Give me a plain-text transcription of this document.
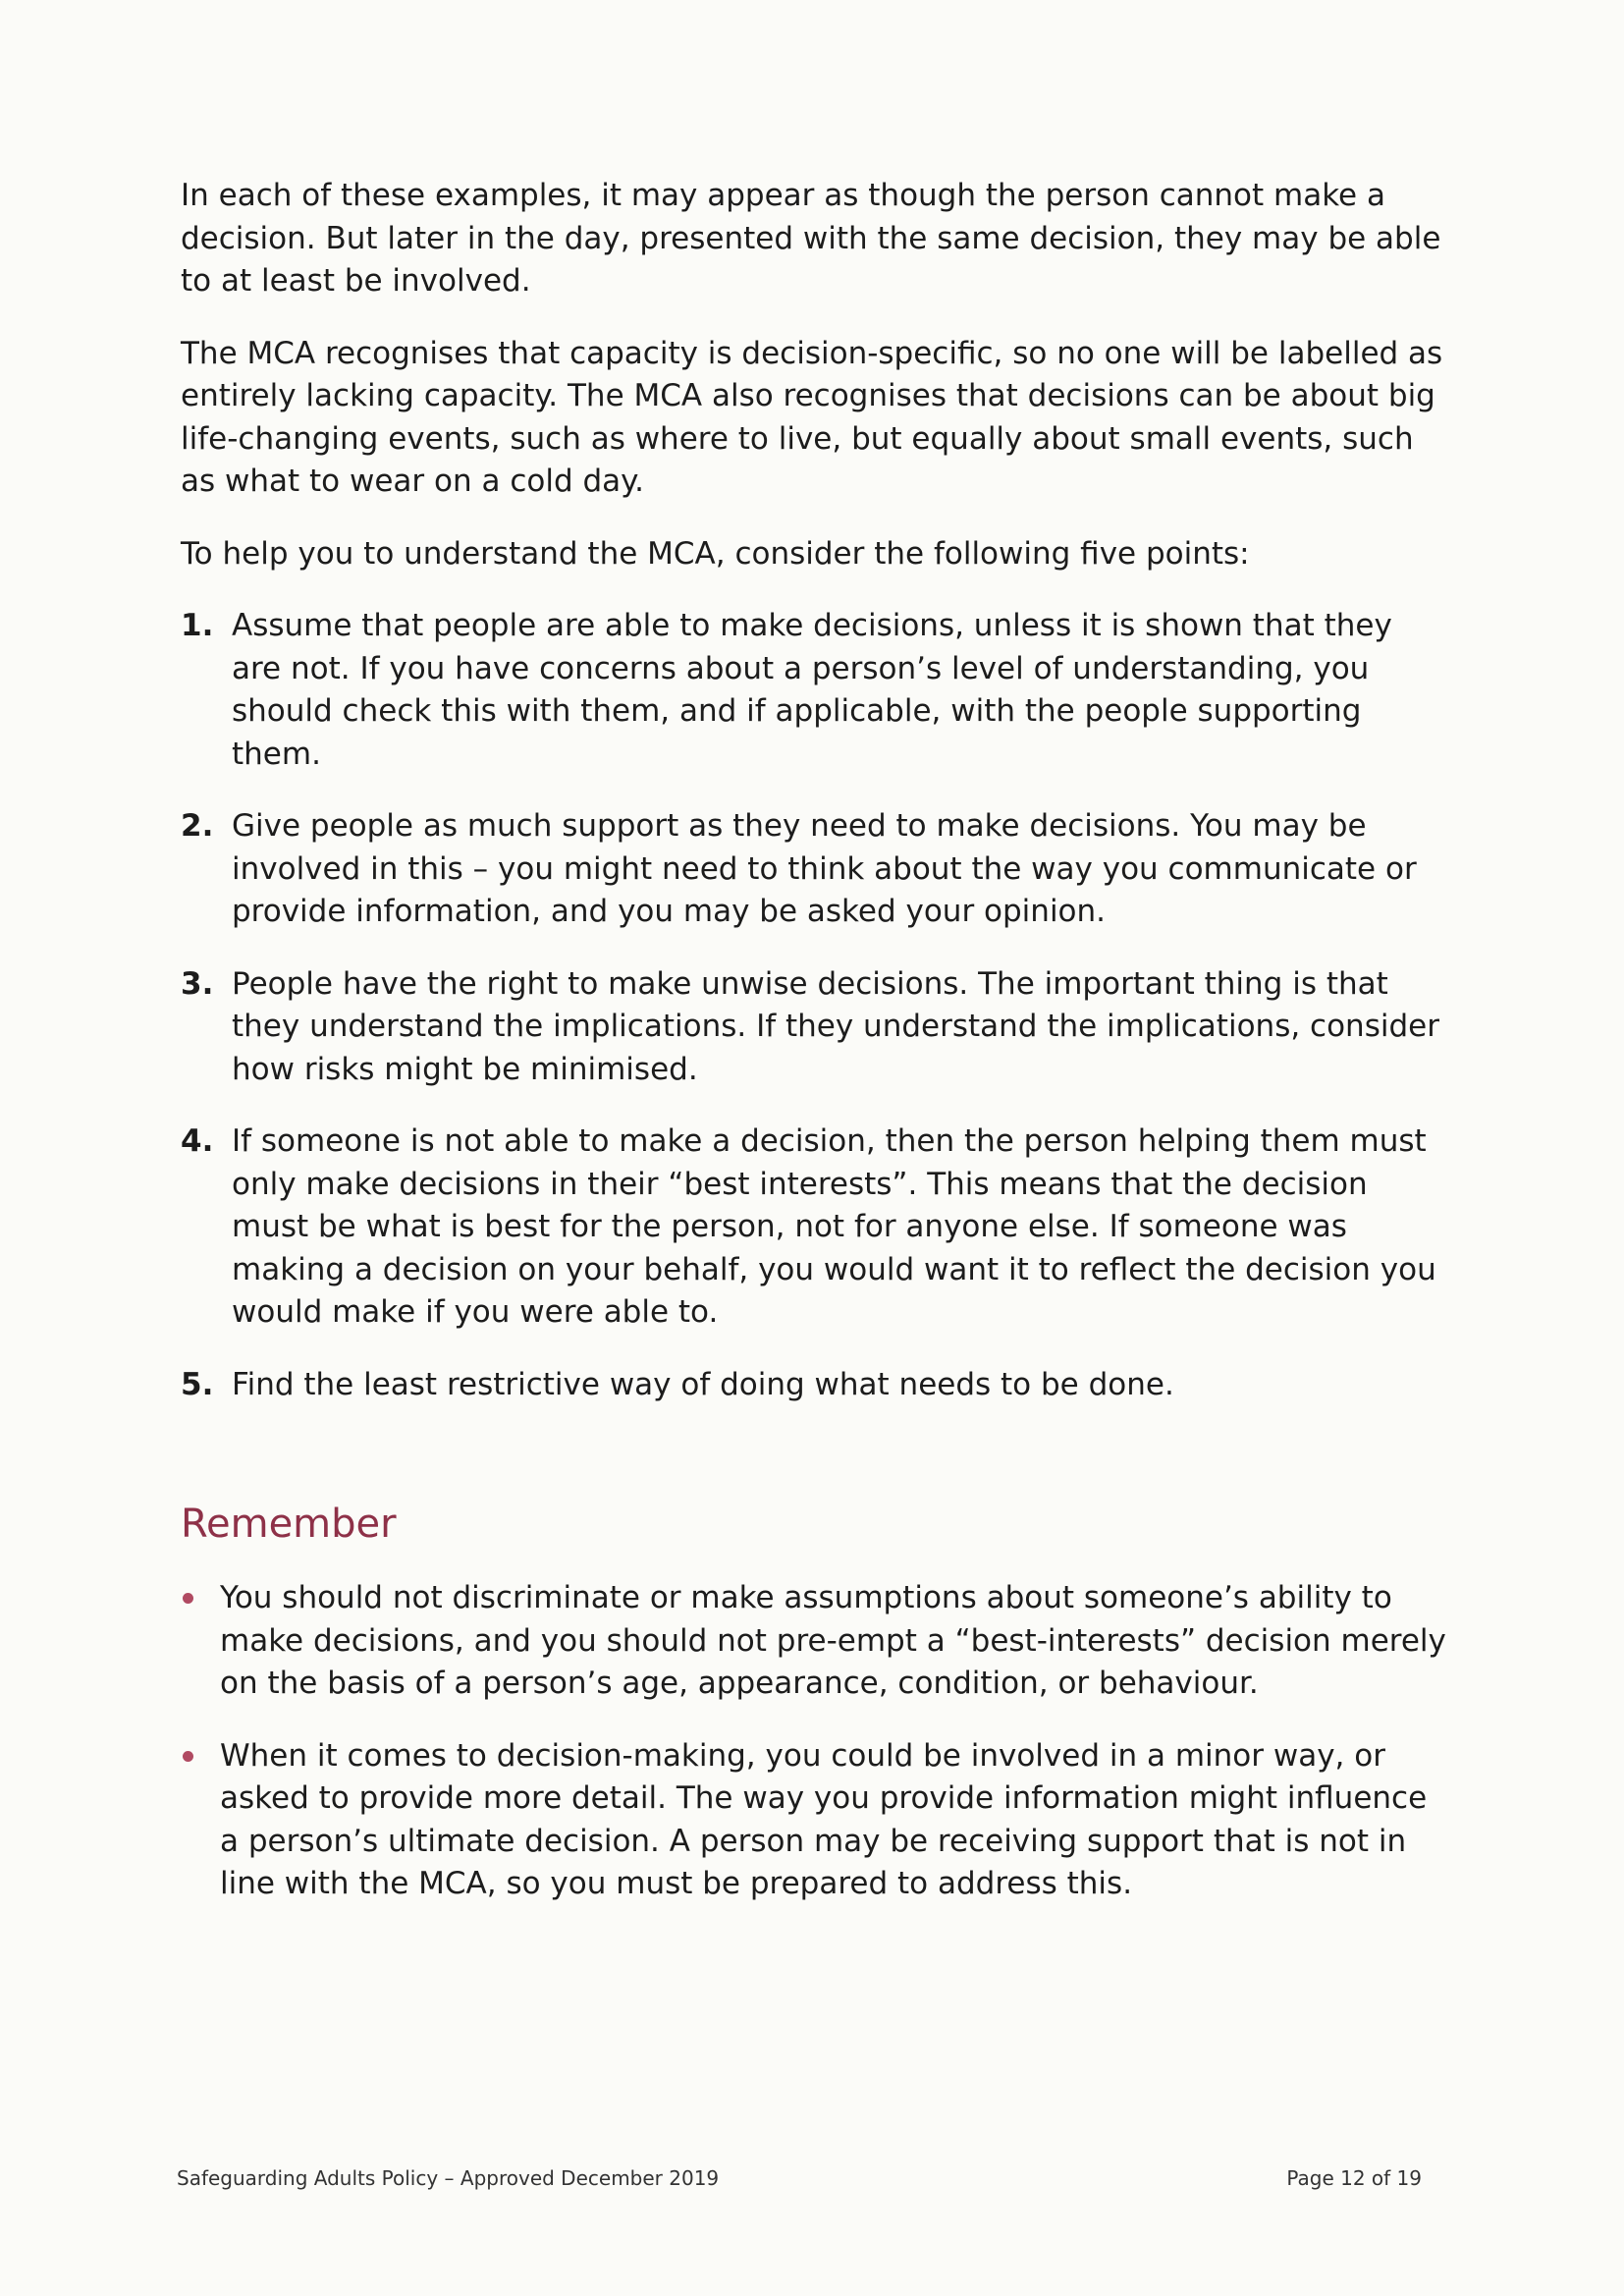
In each of these examples, it may appear as though the person cannot make a decision. But later in the day, presented with the same decision, they may be able to at least be involved.

The MCA recognises that capacity is decision-specific, so no one will be labelled as entirely lacking capacity. The MCA also recognises that decisions can be about big life-changing events, such as where to live, but equally about small events, such as what to wear on a cold day.

To help you to understand the MCA, consider the following five points:

1. Assume that people are able to make decisions, unless it is shown that they are not. If you have concerns about a person’s level of understanding, you should check this with them, and if applicable, with the people supporting them.
2. Give people as much support as they need to make decisions. You may be involved in this – you might need to think about the way you communicate or provide information, and you may be asked your opinion.
3. People have the right to make unwise decisions. The important thing is that they understand the implications. If they understand the implications, consider how risks might be minimised.
4. If someone is not able to make a decision, then the person helping them must only make decisions in their “best interests”. This means that the decision must be what is best for the person, not for anyone else. If someone was making a decision on your behalf, you would want it to reflect the decision you would make if you were able to.
5. Find the least restrictive way of doing what needs to be done.
Remember
You should not discriminate or make assumptions about someone’s ability to make decisions, and you should not pre-empt a “best-interests” decision merely on the basis of a person’s age, appearance, condition, or behaviour.
When it comes to decision-making, you could be involved in a minor way, or asked to provide more detail. The way you provide information might influence a person’s ultimate decision. A person may be receiving support that is not in line with the MCA, so you must be prepared to address this.
Safeguarding Adults Policy – Approved December 2019	Page 12 of 19
